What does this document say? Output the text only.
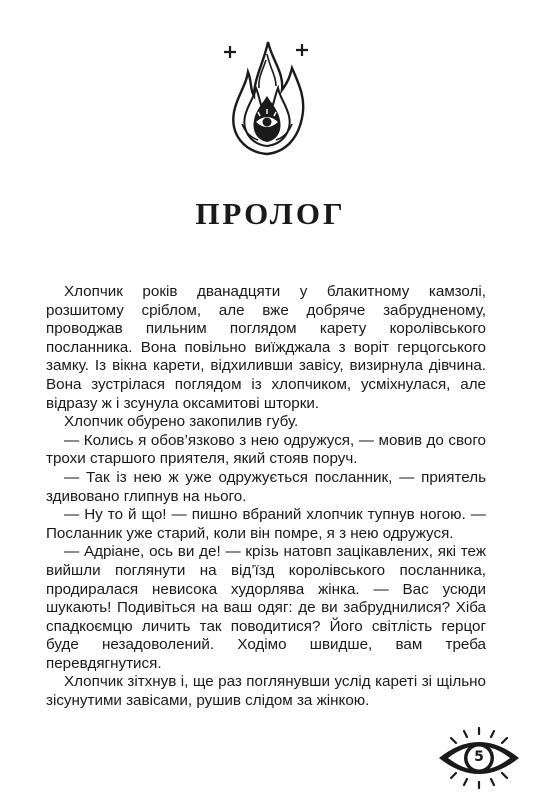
ПРОЛОГ

Хлопчик років дванадцяти у блакитному камзолі, розшитому сріблом, але вже добряче забрудненому, проводжав пильним поглядом карету королівського посланника. Вона повільно виїжджала з воріт герцогського замку. Із вікна карети, відхиливши завісу, визирнула дівчина. Вона зустрілася поглядом із хлопчиком, усміхнулася, але відразу ж і зсунула оксамитові шторки.

Хлопчик обурено закопилив губу.

— Колись я обов’язково з нею одружуся, — мовив до свого трохи старшого приятеля, який стояв поруч.

— Так із нею ж уже одружується посланник, — приятель здивовано глипнув на нього.

— Ну то й що! — пишно вбраний хлопчик тупнув ногою. — Посланник уже старий, коли він помре, я з нею одружуся.

— Адріане, ось ви де! — крізь натовп зацікавлених, які теж вийшли поглянути на від’їзд королівського посланника, продиралася невисока худорлява жінка. — Вас усюди шукають! Подивіться на ваш одяг: де ви забруднилися? Хіба спадкоємцю личить так поводитися? Його світлість герцог буде незадоволений. Ходімо швидше, вам треба перевдягнутися.

Хлопчик зітхнув і, ще раз поглянувши услід кареті зі щільно зісунутими завісами, рушив слідом за жінкою.

5
